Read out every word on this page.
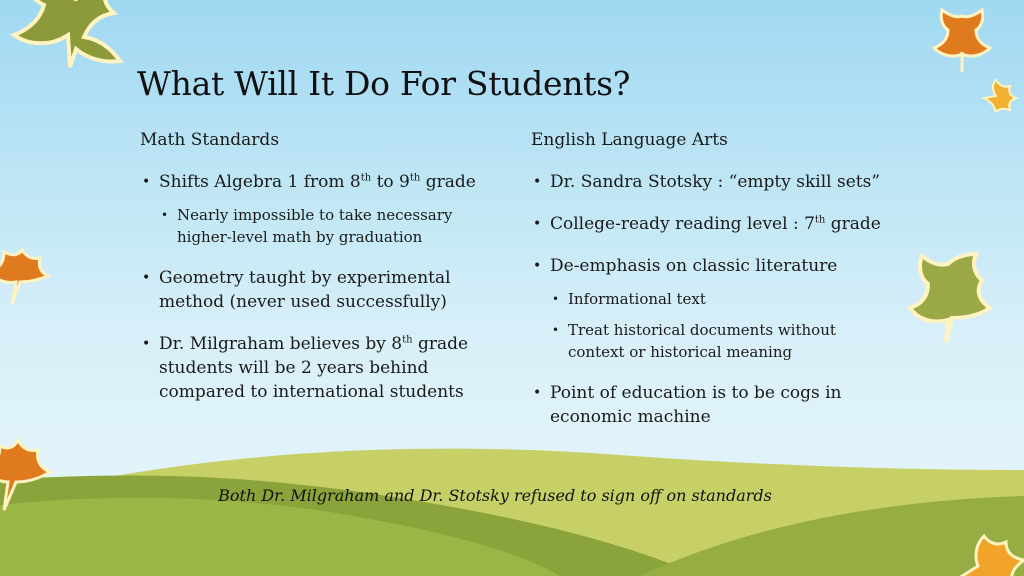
What Will It Do For Students?
Math Standards
• Shifts Algebra 1 from 8th to 9th grade
• Nearly impossible to take necessary higher-level math by graduation
• Geometry taught by experimental method (never used successfully)
• Dr. Milgraham believes by 8th grade students will be 2 years behind compared to international students
English Language Arts
• Dr. Sandra Stotsky : “empty skill sets”
• College-ready reading level : 7th grade
• De-emphasis on classic literature
• Informational text
• Treat historical documents without context or historical meaning
• Point of education is to be cogs in economic machine
Both Dr. Milgraham and Dr. Stotsky refused to sign off on standards
